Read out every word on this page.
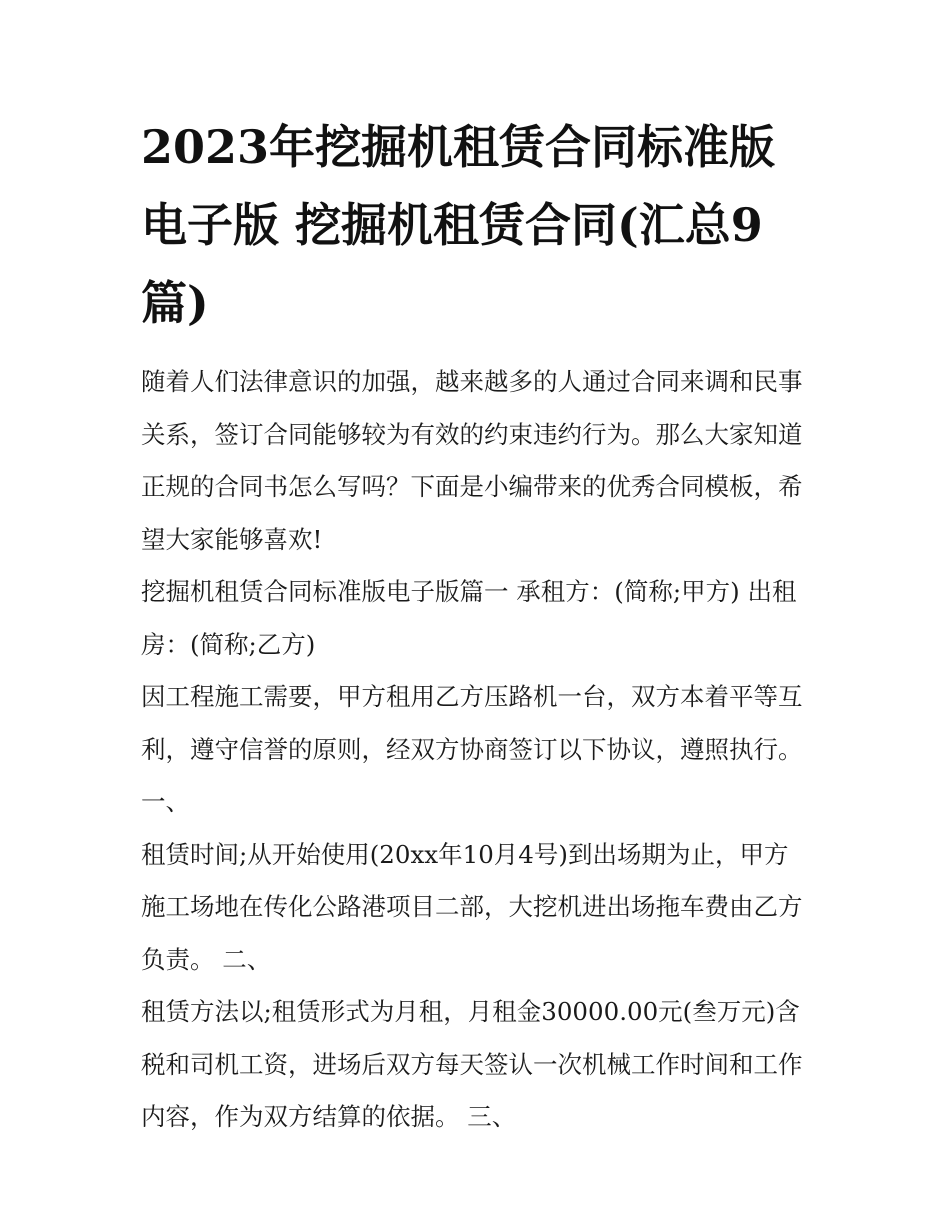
2023年挖掘机租赁合同标准版
电子版 挖掘机租赁合同(汇总9
篇)
随着人们法律意识的加强，越来越多的人通过合同来调和民事
关系，签订合同能够较为有效的约束违约行为。那么大家知道
正规的合同书怎么写吗？下面是小编带来的优秀合同模板，希
望大家能够喜欢!
挖掘机租赁合同标准版电子版篇一 承租方：(简称;甲方) 出租
房：(简称;乙方)
因工程施工需要，甲方租用乙方压路机一台，双方本着平等互
利，遵守信誉的原则，经双方协商签订以下协议，遵照执行。
一、
租赁时间;从开始使用(20xx年10月4号)到出场期为止，甲方
施工场地在传化公路港项目二部，大挖机进出场拖车费由乙方
负责。 二、
租赁方法以;租赁形式为月租，月租金30000.00元(叁万元)含
税和司机工资，进场后双方每天签认一次机械工作时间和工作
内容，作为双方结算的依据。 三、
